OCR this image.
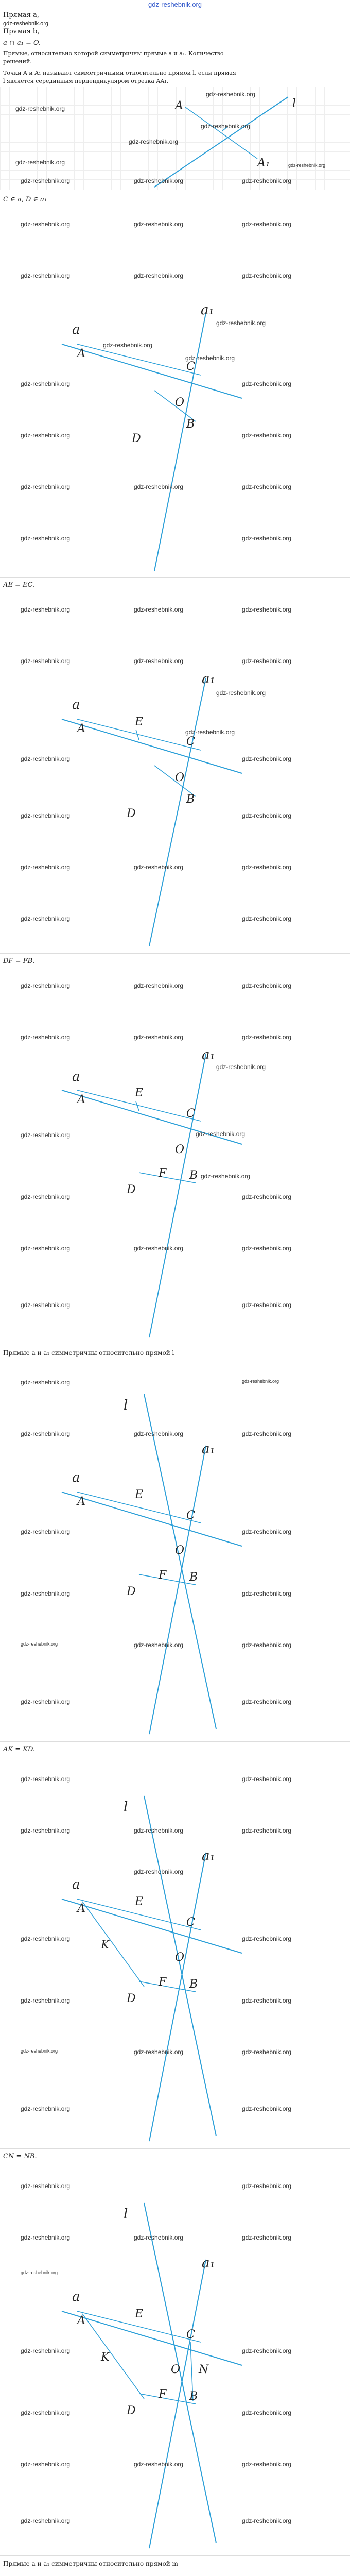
gdz-reshebnik.org
Прямая a,
gdz-reshebnik.org
Прямая b,
a ∩ a₁ = O.
Прямые, относительно которой симметричны прямые a и a₁. Количество
решений.
Точки A и A₁ называют симметричными относительно прямой l, если прямая
l является серединным перпендикуляром отрезка AA₁.
l
A
A₁
gdz-reshebnik.org
gdz-reshebnik.org
gdz-reshebnik.org
gdz-reshebnik.org
gdz-reshebnik.org	gdz-reshebnik.org
gdz-reshebnik.org	gdz-reshebnik.org	gdz-reshebnik.org
C ∈ a, D ∈ a₁
a
a₁
A
C
O
B
D
gdz-reshebnik.org	gdz-reshebnik.org	gdz-reshebnik.org
gdz-reshebnik.org	gdz-reshebnik.org	gdz-reshebnik.org
gdz-reshebnik.org
gdz-reshebnik.org
gdz-reshebnik.org
gdz-reshebnik.org	gdz-reshebnik.org
gdz-reshebnik.org	gdz-reshebnik.org
gdz-reshebnik.org	gdz-reshebnik.org	gdz-reshebnik.org
gdz-reshebnik.org	gdz-reshebnik.org
AE = EC.
a
a₁
A
E
C
O
B
D
gdz-reshebnik.org	gdz-reshebnik.org	gdz-reshebnik.org
gdz-reshebnik.org	gdz-reshebnik.org	gdz-reshebnik.org
gdz-reshebnik.org
gdz-reshebnik.org
gdz-reshebnik.org	gdz-reshebnik.org
gdz-reshebnik.org	gdz-reshebnik.org
gdz-reshebnik.org	gdz-reshebnik.org	gdz-reshebnik.org
gdz-reshebnik.org	gdz-reshebnik.org
DF = FB.
a
a₁
A
E
C
O
F B
D
gdz-reshebnik.org	gdz-reshebnik.org	gdz-reshebnik.org
gdz-reshebnik.org	gdz-reshebnik.org	gdz-reshebnik.org
gdz-reshebnik.org
gdz-reshebnik.org
gdz-reshebnik.org
gdz-reshebnik.org
gdz-reshebnik.org	gdz-reshebnik.org
gdz-reshebnik.org	gdz-reshebnik.org	gdz-reshebnik.org
gdz-reshebnik.org	gdz-reshebnik.org
Прямые a и a₁ симметричны относительно прямой l
l
a
a₁
A
E
C
O
F B
D
gdz-reshebnik.org	gdz-reshebnik.org
gdz-reshebnik.org	gdz-reshebnik.org	gdz-reshebnik.org
gdz-reshebnik.org	gdz-reshebnik.org
gdz-reshebnik.org	gdz-reshebnik.org
gdz-reshebnik.org	gdz-reshebnik.org	gdz-reshebnik.org
gdz-reshebnik.org	gdz-reshebnik.org
AK = KD.
l
a
a₁
A
E
C
K
O
F B
D
gdz-reshebnik.org	gdz-reshebnik.org
gdz-reshebnik.org	gdz-reshebnik.org	gdz-reshebnik.org
gdz-reshebnik.org
gdz-reshebnik.org	gdz-reshebnik.org
gdz-reshebnik.org	gdz-reshebnik.org
gdz-reshebnik.org	gdz-reshebnik.org	gdz-reshebnik.org
gdz-reshebnik.org	gdz-reshebnik.org
CN = NB.
l
a
a₁
A
E
C
K
N
O
F B
D
gdz-reshebnik.org	gdz-reshebnik.org
gdz-reshebnik.org
gdz-reshebnik.org
gdz-reshebnik.org	gdz-reshebnik.org
gdz-reshebnik.org	gdz-reshebnik.org
gdz-reshebnik.org	gdz-reshebnik.org
gdz-reshebnik.org	gdz-reshebnik.org	gdz-reshebnik.org
gdz-reshebnik.org	gdz-reshebnik.org
Прямые a и a₁ симметричны относительно прямой m
